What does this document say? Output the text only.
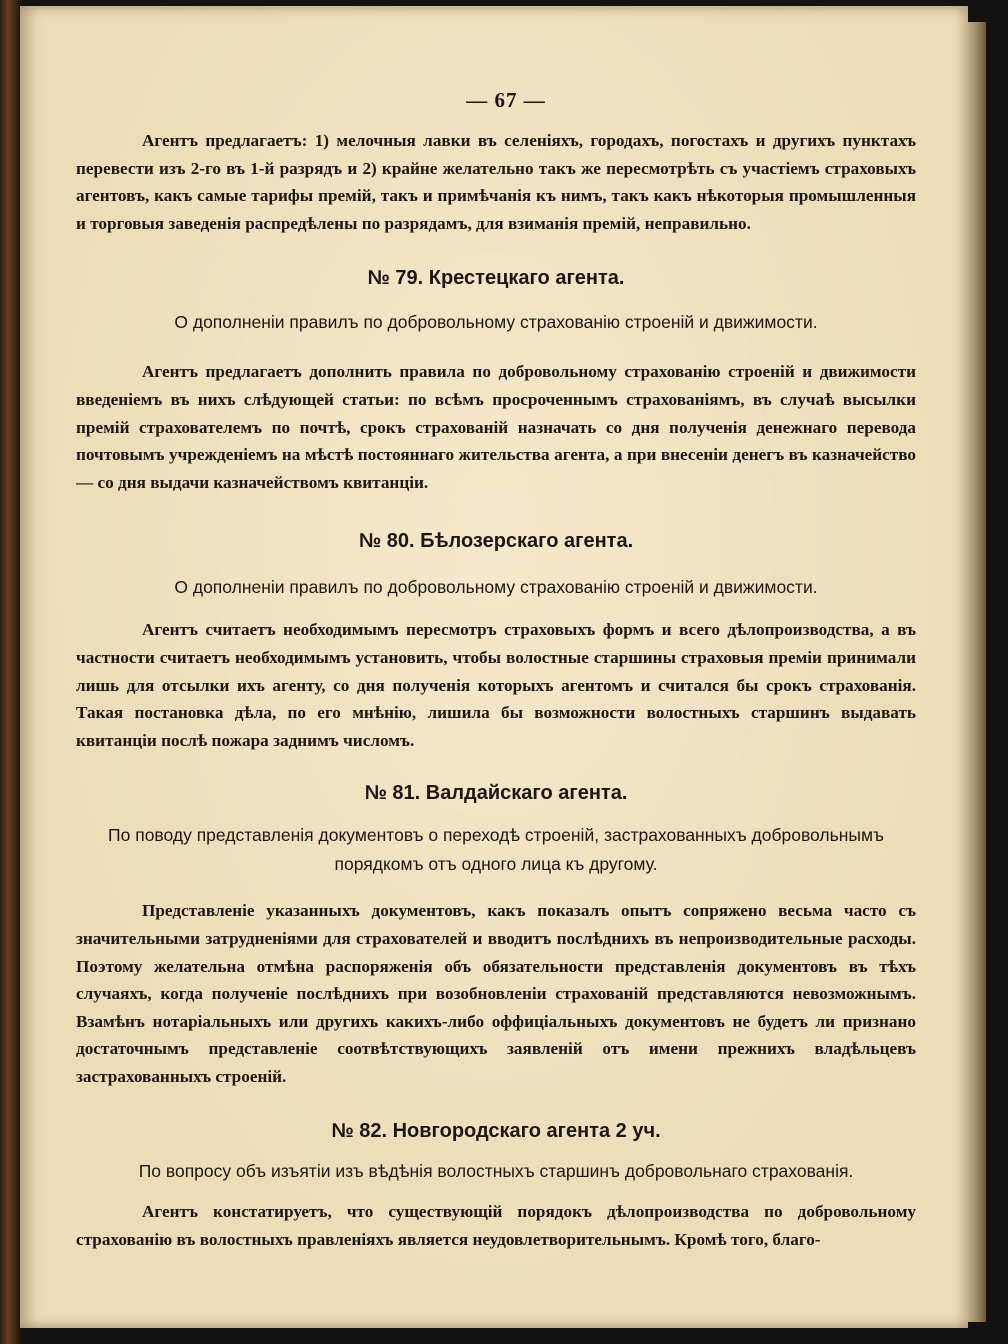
— 67 —

Агентъ предлагаетъ: 1) мелочныя лавки въ селеніяхъ, городахъ, погостахъ и другихъ пунктахъ перевести изъ 2-го въ 1-й разрядъ и 2) крайне желательно такъ же пересмотрѣть съ участіемъ страховыхъ агентовъ, какъ самые тарифы премій, такъ и примѣчанія къ нимъ, такъ какъ нѣкоторыя промышленныя и торговыя заведенія распредѣлены по разрядамъ, для взиманія премій, неправильно.

№ 79. Крестецкаго агента.

О дополненіи правилъ по добровольному страхованію строеній и движимости.

Агентъ предлагаетъ дополнить правила по добровольному страхованію строеній и движимости введеніемъ въ нихъ слѣдующей статьи: по всѣмъ просроченнымъ страхованіямъ, въ случаѣ высылки премій страхователемъ по почтѣ, срокъ страхованій назначать со дня полученія денежнаго перевода почтовымъ учрежденіемъ на мѣстѣ постояннаго жительства агента, а при внесеніи денегъ въ казначейство — со дня выдачи казначействомъ квитанціи.

№ 80. Бѣлозерскаго агента.

О дополненіи правилъ по добровольному страхованію строеній и движимости.

Агентъ считаетъ необходимымъ пересмотръ страховыхъ формъ и всего дѣлопроизводства, а въ частности считаетъ необходимымъ установить, чтобы волостные старшины страховыя преміи принимали лишь для отсылки ихъ агенту, со дня полученія которыхъ агентомъ и считался бы срокъ страхованія. Такая постановка дѣла, по его мнѣнію, лишила бы возможности волостныхъ старшинъ выдавать квитанціи послѣ пожара заднимъ числомъ.

№ 81. Валдайскаго агента.

По поводу представленія документовъ о переходѣ строеній, застрахованныхъ добровольнымъ порядкомъ отъ одного лица къ другому.

Представленіе указанныхъ документовъ, какъ показалъ опытъ сопряжено весьма часто съ значительными затрудненіями для страхователей и вводитъ послѣднихъ въ непроизводительные расходы. Поэтому желательна отмѣна распоряженія объ обязательности представленія документовъ въ тѣхъ случаяхъ, когда полученіе послѣднихъ при возобновленіи страхованій представляются невозможнымъ. Взамѣнъ нотаріальныхъ или другихъ какихъ-либо оффиціальныхъ документовъ не будетъ ли признано достаточнымъ представленіе соотвѣтствующихъ заявленій отъ имени прежнихъ владѣльцевъ застрахованныхъ строеній.

№ 82. Новгородскаго агента 2 уч.

По вопросу объ изъятіи изъ вѣдѣнія волостныхъ старшинъ добровольнаго страхованія.

Агентъ констатируетъ, что существующій порядокъ дѣлопроизводства по добровольному страхованію въ волостныхъ правленіяхъ является неудовлетворительнымъ. Кромѣ того, благо-
